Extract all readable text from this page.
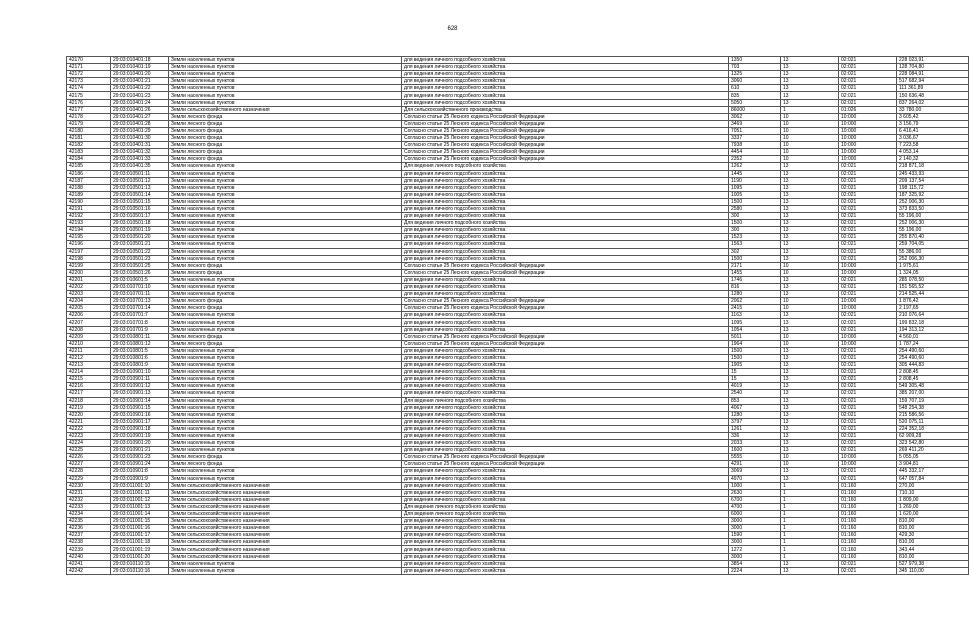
628
42170	29:03:010401:18	Земли населенных пунктов	для ведения личного подсобного хозяйства	1350	13	02:021	228 023,91
42171	29:03:010401:19	Земли населенных пунктов	для ведения личного подсобного хозяйства	703	13	02:021	128 704,80
42172	29:03:010401:20	Земли населенных пунктов	для ведения личного подсобного хозяйства	1325	13	02:021	228 084,91
42173	29:03:010401:21	Земли населенных пунктов	для ведения личного подсобного хозяйства	3060	13	02:021	517 682,94
42174	29:03:010401:22	Земли населенных пунктов	для ведения личного подсобного хозяйства	610	13	02:021	111 361,89
42175	29:03:010401:23	Земли населенных пунктов	для ведения личного подсобного хозяйства	835	13	02:021	150 636,48
42176	29:03:010401:24	Земли населенных пунктов	для ведения личного подсобного хозяйства	5050	13	02:021	837 264,02
42177	29:03:010401:26	Земли сельскохозяйственного назначения	Для сельскохозяйственного производства	86000	1	01:026	33 780,00
42178	29:03:010401:27	Земли лесного фонда	Согласно статье 25 Лесного кодекса Российской Федерации	3062	10	10:000	3 605,42
42179	29:03:010401:28	Земли лесного фонда	Согласно статье 25 Лесного кодекса Российской Федерации	3469	10	10:000	3 156,79
42180	29:03:010401:29	Земли лесного фонда	Согласно статье 25 Лесного кодекса Российской Федерации	7051	10	10:000	6 416,41
42181	29:03:010401:30	Земли лесного фонда	Согласно статье 25 Лесного кодекса Российской Федерации	3337	10	10:000	3 036,67
42182	29:03:010401:31	Земли лесного фонда	Согласно статье 25 Лесного кодекса Российской Федерации	7938	10	10:000	7 223,58
42183	29:03:010401:32	Земли лесного фонда	Согласно статье 25 Лесного кодекса Российской Федерации	4454	10	10:000	4 053,14
42184	29:03:010401:33	Земли лесного фонда	Согласно статье 25 Лесного кодекса Российской Федерации	2352	10	10:000	2 140,32
42185	29:03:010401:35	Земли населенных пунктов	Для ведения личного подсобного хозяйства	1262	13	02:021	218 871,18
42186	29:03:010501:11	Земли населенных пунктов	для ведения личного подсобного хозяйства	1445	13	02:021	245 433,93
42187	29:03:010501:12	Земли населенных пунктов	для ведения личного подсобного хозяйства	1190	13	02:021	209 137,54
42188	29:03:010501:13	Земли населенных пунктов	для ведения личного подсобного хозяйства	1095	13	02:021	198 115,72
42189	29:03:010501:14	Земли населенных пунктов	для ведения личного подсобного хозяйства	1005	13	02:021	187 325,92
42190	29:03:010501:15	Земли населенных пунктов	для ведения личного подсобного хозяйства	1500	13	02:021	252 006,30
42191	29:03:010501:16	Земли населенных пунктов	для ведения личного подсобного хозяйства	2580	13	02:021	373 833,50
42192	29:03:010501:17	Земли населенных пунктов	для ведения личного подсобного хозяйства	300	13	02:021	55 196,00
42193	29:03:010501:18	Земли населенных пунктов	Для ведения личного подсобного хозяйства	1500	13	02:021	252 006,30
42194	29:03:010501:19	Земли населенных пунктов	для ведения личного подсобного хозяйства	300	13	02:021	55 196,00
42195	29:03:010501:20	Земли населенных пунктов	для ведения личного подсобного хозяйства	1523	13	02:021	255 870,40
42196	29:03:010501:21	Земли населенных пунктов	для ведения личного подсобного хозяйства	1563	13	02:021	259 704,05
42197	29:03:010501:22	Земли населенных пунктов	для ведения личного подсобного хозяйства	302	13	02:021	55 386,00
42198	29:03:010501:23	Земли населенных пунктов	для ведения личного подсобного хозяйства	1500	13	02:021	252 006,30
42199	29:03:010501:25	Земли лесного фонда	Согласно статье 25 Лесного кодекса Российской Федерации	2171	10	10:000	1 975,61
42200	29:03:010501:26	Земли лесного фонда	Согласно статье 25 Лесного кодекса Российской Федерации	1455	10	10:000	1 324,05
42201	29:03:010601:5	Земли населенных пунктов	для ведения личного подсобного хозяйства	1746	13	02:021	285 078,50
42202	29:03:010701:10	Земли населенных пунктов	для ведения личного подсобного хозяйства	816	13	02:021	151 565,52
42203	29:03:010701:11	Земли населенных пунктов	для ведения личного подсобного хозяйства	1280	13	02:021	214 525,44
42204	29:03:010701:13	Земли лесного фонда	Согласно статье 25 Лесного кодекса Российской Федерации	2062	10	10:000	1 876,42
42205	29:03:010701:14	Земли лесного фонда	Согласно статье 25 Лесного кодекса Российской Федерации	2415	10	10:000	2 197,65
42206	29:03:010701:7	Земли населенных пунктов	для ведения личного подсобного хозяйства	1163	13	02:021	210 076,64
42207	29:03:010701:8	Земли населенных пунктов	для ведения личного подсобного хозяйства	1095	13	02:021	199 832,18
42208	29:03:010701:9	Земли населенных пунктов	для ведения личного подсобного хозяйства	1054	13	02:021	194 313,12
42209	29:03:010801:11	Земли лесного фонда	Согласно статье 25 Лесного кодекса Российской Федерации	5011	10	10:000	4 560,01
42210	29:03:010801:12	Земли лесного фонда	Согласно статье 25 Лесного кодекса Российской Федерации	1964	10	10:000	1 787,24
42211	29:03:010801:5	Земли населенных пунктов	для ведения личного подсобного хозяйства	1500	13	02:021	254 490,60
42212	29:03:010801:6	Земли населенных пунктов	для ведения личного подсобного хозяйства	1500	13	02:021	254 490,60
42213	29:03:010801:9	Земли населенных пунктов	для ведения личного подсобного хозяйства	1905	13	02:021	305 444,83
42214	29:03:010901:10	Земли населенных пунктов	для ведения личного подсобного хозяйства	15	13	02:021	2 808,45
42215	29:03:010901:11	Земли населенных пунктов	для ведения личного подсобного хозяйства	15	13	02:021	2 808,45
42216	29:03:010901:12	Земли населенных пунктов	для ведения личного подсобного хозяйства	4019	13	02:021	549 305,48
42217	29:03:010901:13	Земли населенных пунктов	для ведения личного подсобного хозяйства	2540	13	02:021	385 207,00
42218	29:03:010901:14	Земли населенных пунктов	Для ведения личного подсобного хозяйства	853	13	02:021	159 707,19
42219	29:03:010901:15	Земли населенных пунктов	для ведения личного подсобного хозяйства	4067	13	02:021	548 254,38
42220	29:03:010901:16	Земли населенных пунктов	для ведения личного подсобного хозяйства	1280	13	02:021	215 586,56
42221	29:03:010901:17	Земли населенных пунктов	для ведения личного подсобного хозяйства	3797	13	02:021	520 075,11
42222	29:03:010901:18	Земли населенных пунктов	для ведения личного подсобного хозяйства	1261	13	02:021	224 352,18
42223	29:03:010901:19	Земли населенных пунктов	для ведения личного подсобного хозяйства	336	13	02:021	62 909,28
42224	29:03:010901:20	Земли населенных пунктов	для ведения личного подсобного хозяйства	2033	13	02:021	323 542,80
42225	29:03:010901:21	Земли населенных пунктов	для ведения личного подсобного хозяйства	1600	13	02:021	269 411,20
42226	29:03:010901:23	Земли лесного фонда	Согласно статье 25 Лесного кодекса Российской Федерации	5555	10	10:000	5 055,05
42227	29:03:010901:24	Земли лесного фонда	Согласно статье 25 Лесного кодекса Российской Федерации	4291	10	10:000	3 904,81
42228	29:03:010901:8	Земли населенных пунктов	для ведения личного подсобного хозяйства	3069	13	02:021	445 332,17
42229	29:03:010901:9	Земли населенных пунктов	для ведения личного подсобного хозяйства	4970	13	02:021	647 057,84
42230	29:03:011001:10	Земли сельскохозяйственного назначения	для ведения личного подсобного хозяйства	1000	1	01:160	270,00
42231	29:03:011001:11	Земли сельскохозяйственного назначения	для ведения личного подсобного хозяйства	2630	1	01:160	710,10
42232	29:03:011001:12	Земли сельскохозяйственного назначения	для ведения личного подсобного хозяйства	6700	1	01:160	1 809,00
42233	29:03:011001:13	Земли сельскохозяйственного назначения	Для ведения личного подсобного хозяйства	4700	1	01:160	1 269,00
42234	29:03:011001:14	Земли сельскохозяйственного назначения	Для ведения личного подсобного хозяйства	6000	1	01:160	1 620,00
42235	29:03:011001:15	Земли сельскохозяйственного назначения	для ведения личного подсобного хозяйства	3000	1	01:160	810,00
42236	29:03:011001:16	Земли сельскохозяйственного назначения	для ведения личного подсобного хозяйства	3000	1	01:160	810,00
42237	29:03:011001:17	Земли сельскохозяйственного назначения	для ведения личного подсобного хозяйства	1590	1	01:160	429,30
42238	29:03:011001:18	Земли сельскохозяйственного назначения	для ведения личного подсобного хозяйства	3000	1	01:160	810,00
42239	29:03:011001:19	Земли сельскохозяйственного назначения	для ведения личного подсобного хозяйства	1272	1	01:160	343,44
42240	29:03:011001:20	Земли сельскохозяйственного назначения	для ведения личного подсобного хозяйства	3000	1	01:160	810,00
42241	29:03:010110:15	Земли населенных пунктов	для ведения личного подсобного хозяйства	3854	13	02:021	527 979,38
42242	29:03:010110:16	Земли населенных пунктов	для ведения личного подсобного хозяйства	2224	13	02:021	345 110,00
